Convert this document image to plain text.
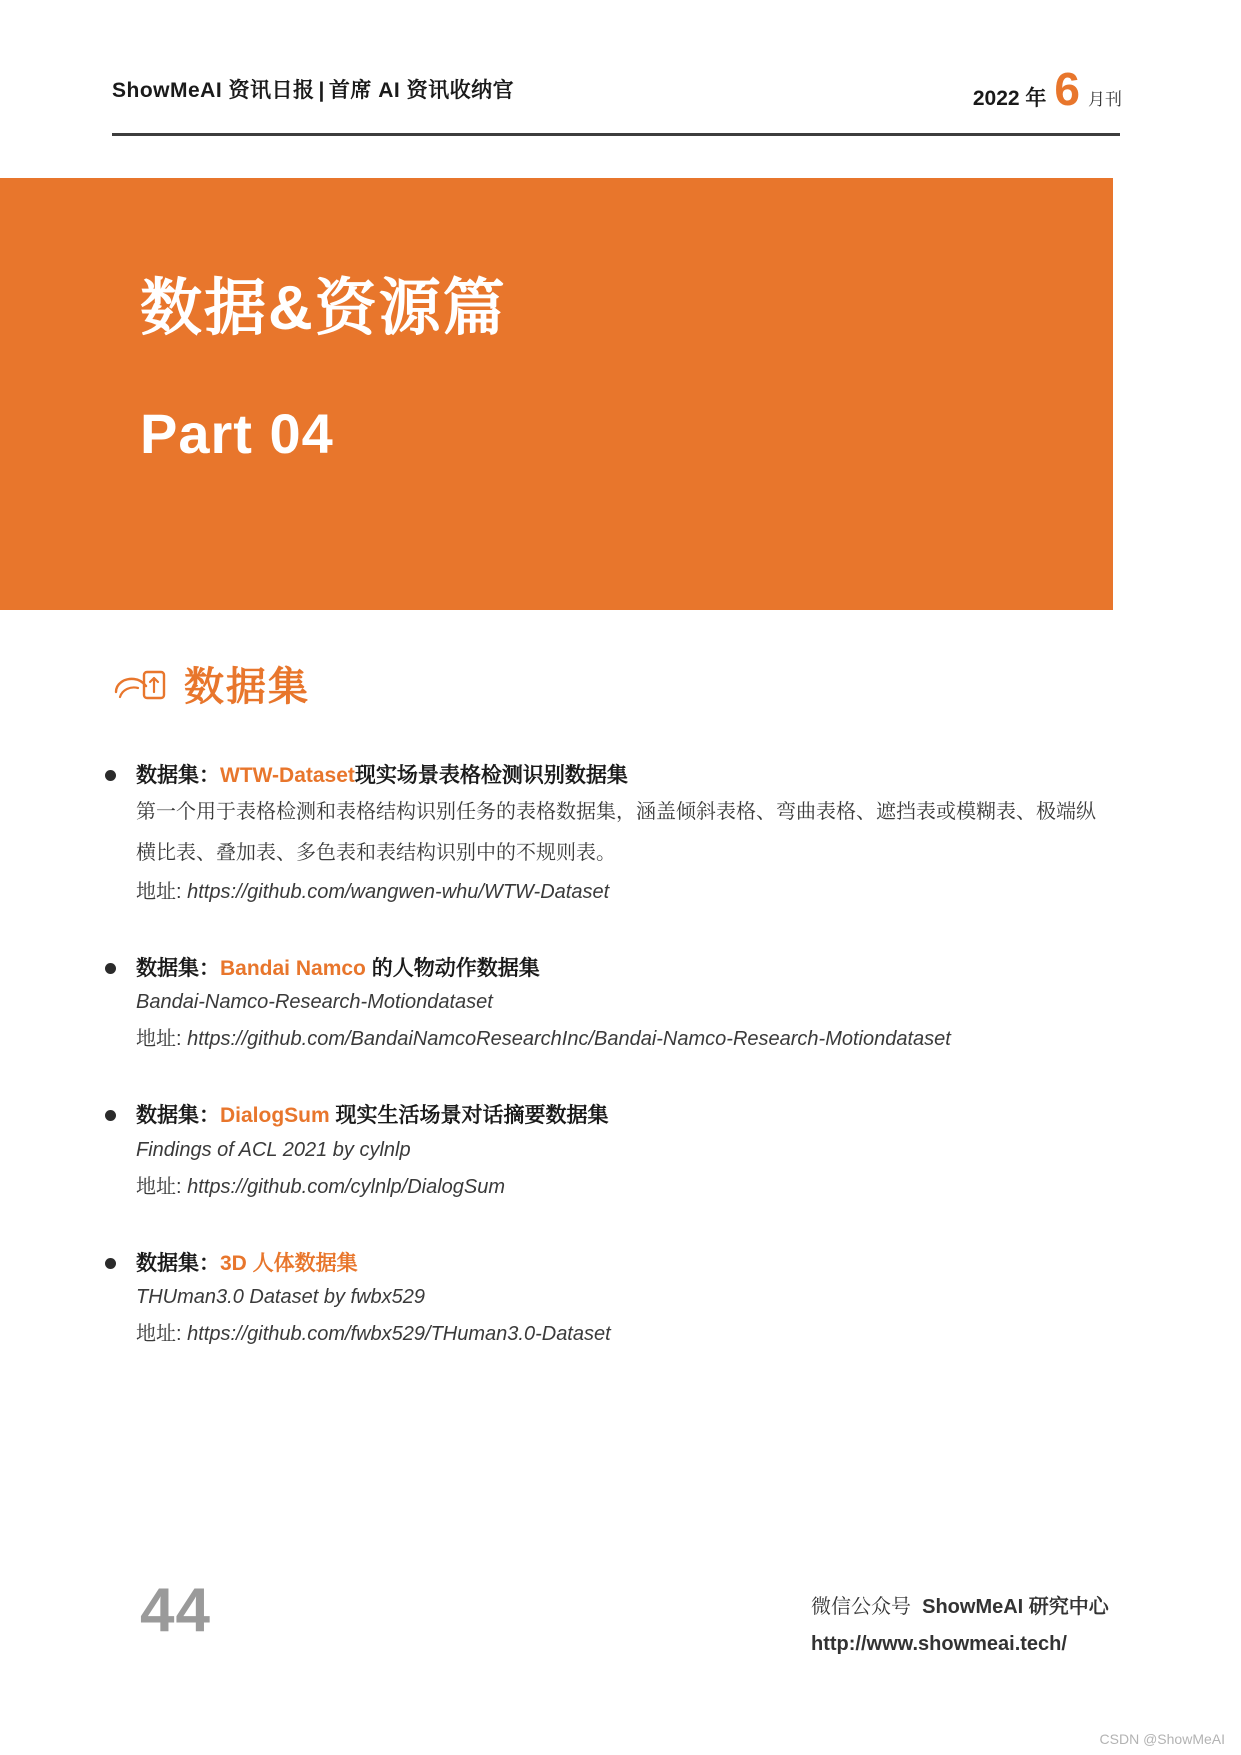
ShowMeAI 资讯日报 | 首席 AI 资讯收纳官	2022 年 6 月刊
数据&资源篇
Part 04
数据集
数据集：WTW-Dataset现实场景表格检测识别数据集
第一个用于表格检测和表格结构识别任务的表格数据集，涵盖倾斜表格、弯曲表格、遮挡表或模糊表、极端纵横比表、叠加表、多色表和表结构识别中的不规则表。
地址: https://github.com/wangwen-whu/WTW-Dataset
数据集：Bandai Namco 的人物动作数据集
Bandai-Namco-Research-Motiondataset
地址: https://github.com/BandaiNamcoResearchInc/Bandai-Namco-Research-Motiondataset
数据集：DialogSum 现实生活场景对话摘要数据集
Findings of ACL 2021 by cylnlp
地址: https://github.com/cylnlp/DialogSum
数据集：3D 人体数据集
THUman3.0 Dataset by fwbx529
地址: https://github.com/fwbx529/THuman3.0-Dataset
44	微信公众号 ShowMeAI 研究中心
http://www.showmeai.tech/
CSDN @ShowMeAI
